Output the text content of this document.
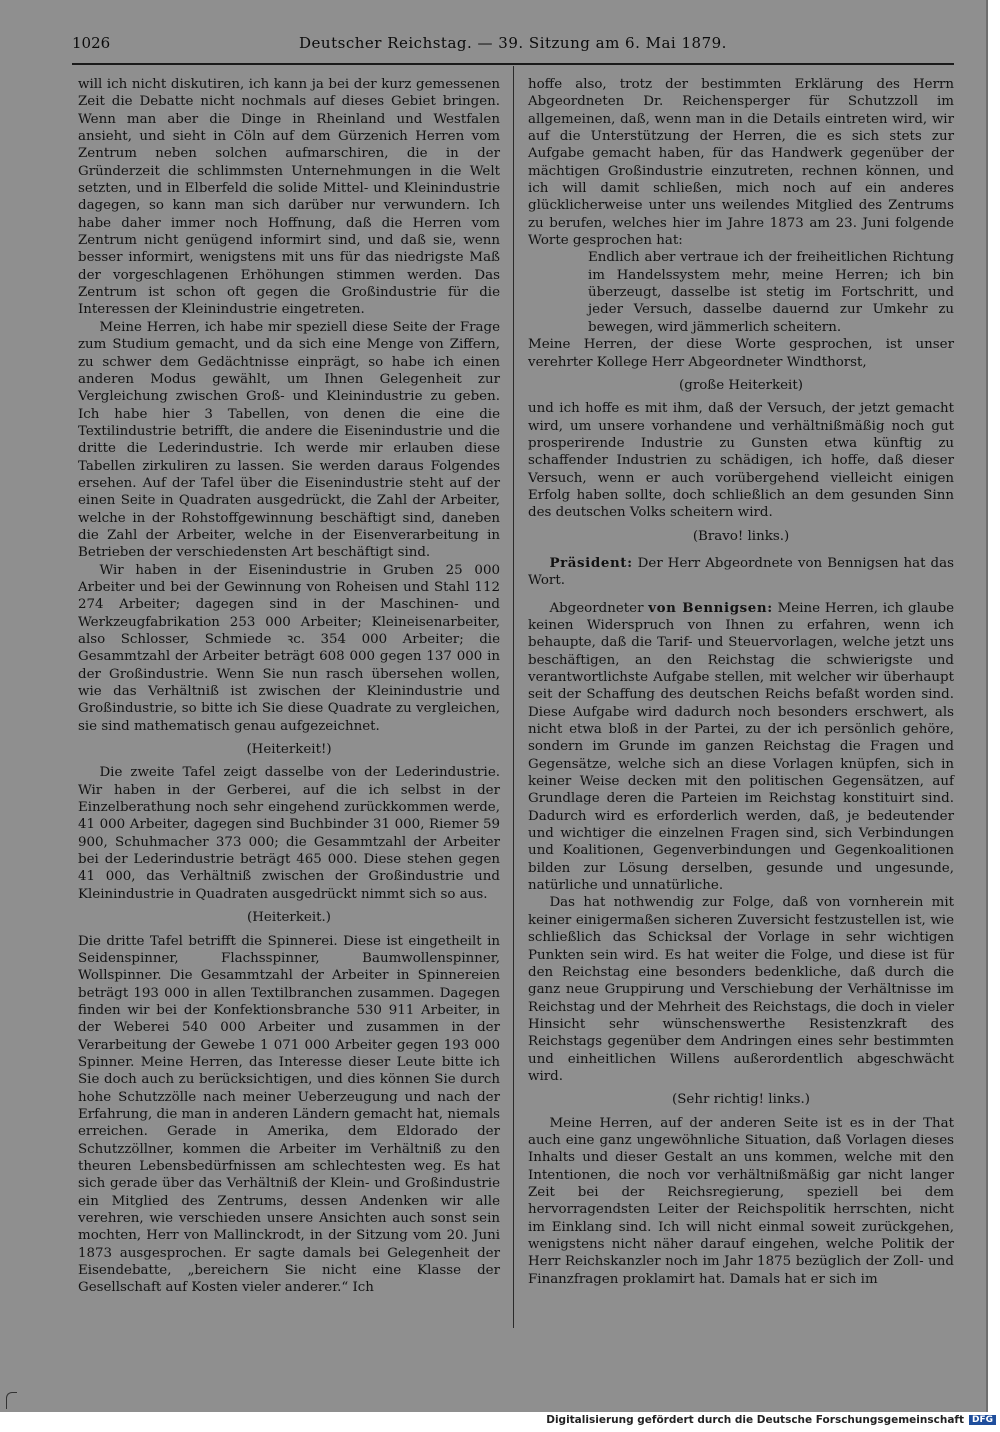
1026	Deutscher Reichstag. — 39. Sitzung am 6. Mai 1879.

will ich nicht diskutiren, ich kann ja bei der kurz gemessenen Zeit die Debatte nicht nochmals auf dieses Gebiet bringen. Wenn man aber die Dinge in Rheinland und Westfalen ansieht, und sieht in Cöln auf dem Gürzenich Herren vom Zentrum neben solchen aufmarschiren, die in der Gründerzeit die schlimmsten Unternehmungen in die Welt setzten, und in Elberfeld die solide Mittel- und Kleinindustrie dagegen, so kann man sich darüber nur verwundern. Ich habe daher immer noch Hoffnung, daß die Herren vom Zentrum nicht genügend informirt sind, und daß sie, wenn besser informirt, wenigstens mit uns für das niedrigste Maß der vorgeschlagenen Erhöhungen stimmen werden. Das Zentrum ist schon oft gegen die Großindustrie für die Interessen der Kleinindustrie eingetreten.

Meine Herren, ich habe mir speziell diese Seite der Frage zum Studium gemacht, und da sich eine Menge von Ziffern, zu schwer dem Gedächtnisse einprägt, so habe ich einen anderen Modus gewählt, um Ihnen Gelegenheit zur Vergleichung zwischen Groß- und Kleinindustrie zu geben. Ich habe hier 3 Tabellen, von denen die eine die Textilindustrie betrifft, die andere die Eisenindustrie und die dritte die Lederindustrie. Ich werde mir erlauben diese Tabellen zirkuliren zu lassen. Sie werden daraus Folgendes ersehen. Auf der Tafel über die Eisenindustrie steht auf der einen Seite in Quadraten ausgedrückt, die Zahl der Arbeiter, welche in der Rohstoffgewinnung beschäftigt sind, daneben die Zahl der Arbeiter, welche in der Eisenverarbeitung in Betrieben der verschiedensten Art beschäftigt sind.

Wir haben in der Eisenindustrie in Gruben 25 000 Arbeiter und bei der Gewinnung von Roheisen und Stahl 112 274 Arbeiter; dagegen sind in der Maschinen- und Werkzeugfabrikation 253 000 Arbeiter; Kleineisenarbeiter, also Schlosser, Schmiede ꝛc. 354 000 Arbeiter; die Gesammtzahl der Arbeiter beträgt 608 000 gegen 137 000 in der Großindustrie. Wenn Sie nun rasch übersehen wollen, wie das Verhältniß ist zwischen der Kleinindustrie und Großindustrie, so bitte ich Sie diese Quadrate zu vergleichen, sie sind mathematisch genau aufgezeichnet.

(Heiterkeit!)

Die zweite Tafel zeigt dasselbe von der Lederindustrie. Wir haben in der Gerberei, auf die ich selbst in der Einzelberathung noch sehr eingehend zurückkommen werde, 41 000 Arbeiter, dagegen sind Buchbinder 31 000, Riemer 59 900, Schuhmacher 373 000; die Gesammtzahl der Arbeiter bei der Lederindustrie beträgt 465 000. Diese stehen gegen 41 000, das Verhältniß zwischen der Großindustrie und Kleinindustrie in Quadraten ausgedrückt nimmt sich so aus.

(Heiterkeit.)

Die dritte Tafel betrifft die Spinnerei. Diese ist eingetheilt in Seidenspinner, Flachsspinner, Baumwollenspinner, Wollspinner. Die Gesammtzahl der Arbeiter in Spinnereien beträgt 193 000 in allen Textilbranchen zusammen. Dagegen finden wir bei der Konfektionsbranche 530 911 Arbeiter, in der Weberei 540 000 Arbeiter und zusammen in der Verarbeitung der Gewebe 1 071 000 Arbeiter gegen 193 000 Spinner. Meine Herren, das Interesse dieser Leute bitte ich Sie doch auch zu berücksichtigen, und dies können Sie durch hohe Schutzzölle nach meiner Ueberzeugung und nach der Erfahrung, die man in anderen Ländern gemacht hat, niemals erreichen. Gerade in Amerika, dem Eldorado der Schutzzöllner, kommen die Arbeiter im Verhältniß zu den theuren Lebensbedürfnissen am schlechtesten weg. Es hat sich gerade über das Verhältniß der Klein- und Großindustrie ein Mitglied des Zentrums, dessen Andenken wir alle verehren, wie verschieden unsere Ansichten auch sonst sein mochten, Herr von Mallinckrodt, in der Sitzung vom 20. Juni 1873 ausgesprochen. Er sagte damals bei Gelegenheit der Eisendebatte, „bereichern Sie nicht eine Klasse der Gesellschaft auf Kosten vieler anderer.“ Ich

hoffe also, trotz der bestimmten Erklärung des Herrn Abgeordneten Dr. Reichensperger für Schutzzoll im allgemeinen, daß, wenn man in die Details eintreten wird, wir auf die Unterstützung der Herren, die es sich stets zur Aufgabe gemacht haben, für das Handwerk gegenüber der mächtigen Großindustrie einzutreten, rechnen können, und ich will damit schließen, mich noch auf ein anderes glücklicherweise unter uns weilendes Mitglied des Zentrums zu berufen, welches hier im Jahre 1873 am 23. Juni folgende Worte gesprochen hat:

Endlich aber vertraue ich der freiheitlichen Richtung im Handelssystem mehr, meine Herren; ich bin überzeugt, dasselbe ist stetig im Fortschritt, und jeder Versuch, dasselbe dauernd zur Umkehr zu bewegen, wird jämmerlich scheitern.

Meine Herren, der diese Worte gesprochen, ist unser verehrter Kollege Herr Abgeordneter Windthorst,

(große Heiterkeit)

und ich hoffe es mit ihm, daß der Versuch, der jetzt gemacht wird, um unsere vorhandene und verhältnißmäßig noch gut prosperirende Industrie zu Gunsten etwa künftig zu schaffender Industrien zu schädigen, ich hoffe, daß dieser Versuch, wenn er auch vorübergehend vielleicht einigen Erfolg haben sollte, doch schließlich an dem gesunden Sinn des deutschen Volks scheitern wird.

(Bravo! links.)

Präsident: Der Herr Abgeordnete von Bennigsen hat das Wort.

Abgeordneter von Bennigsen: Meine Herren, ich glaube keinen Widerspruch von Ihnen zu erfahren, wenn ich behaupte, daß die Tarif- und Steuervorlagen, welche jetzt uns beschäftigen, an den Reichstag die schwierigste und verantwortlichste Aufgabe stellen, mit welcher wir überhaupt seit der Schaffung des deutschen Reichs befaßt worden sind. Diese Aufgabe wird dadurch noch besonders erschwert, als nicht etwa bloß in der Partei, zu der ich persönlich gehöre, sondern im Grunde im ganzen Reichstag die Fragen und Gegensätze, welche sich an diese Vorlagen knüpfen, sich in keiner Weise decken mit den politischen Gegensätzen, auf Grundlage deren die Parteien im Reichstag konstituirt sind. Dadurch wird es erforderlich werden, daß, je bedeutender und wichtiger die einzelnen Fragen sind, sich Verbindungen und Koalitionen, Gegenverbindungen und Gegenkoalitionen bilden zur Lösung derselben, gesunde und ungesunde, natürliche und unnatürliche.

Das hat nothwendig zur Folge, daß von vornherein mit keiner einigermaßen sicheren Zuversicht festzustellen ist, wie schließlich das Schicksal der Vorlage in sehr wichtigen Punkten sein wird. Es hat weiter die Folge, und diese ist für den Reichstag eine besonders bedenkliche, daß durch die ganz neue Gruppirung und Verschiebung der Verhältnisse im Reichstag und der Mehrheit des Reichstags, die doch in vieler Hinsicht sehr wünschenswerthe Resistenzkraft des Reichstags gegenüber dem Andringen eines sehr bestimmten und einheitlichen Willens außerordentlich abgeschwächt wird.

(Sehr richtig! links.)

Meine Herren, auf der anderen Seite ist es in der That auch eine ganz ungewöhnliche Situation, daß Vorlagen dieses Inhalts und dieser Gestalt an uns kommen, welche mit den Intentionen, die noch vor verhältnißmäßig gar nicht langer Zeit bei der Reichsregierung, speziell bei dem hervorragendsten Leiter der Reichspolitik herrschten, nicht im Einklang sind. Ich will nicht einmal soweit zurückgehen, wenigstens nicht näher darauf eingehen, welche Politik der Herr Reichskanzler noch im Jahr 1875 bezüglich der Zoll- und Finanzfragen proklamirt hat. Damals hat er sich im

Digitalisierung gefördert durch die Deutsche Forschungsgemeinschaft DFG
